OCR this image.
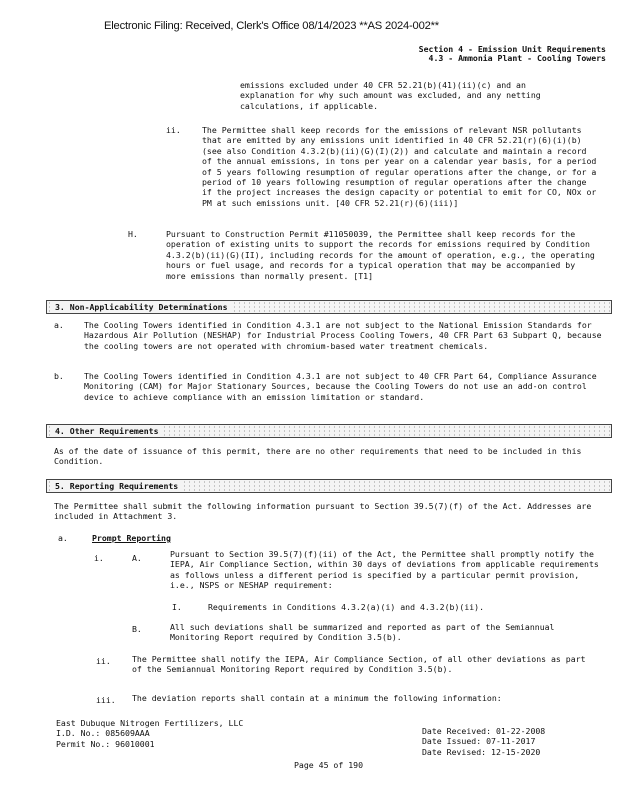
Electronic Filing: Received, Clerk's Office 08/14/2023 **AS 2024-002**
Section 4 - Emission Unit Requirements
4.3 - Ammonia Plant - Cooling Towers
emissions excluded under 40 CFR 52.21(b)(41)(ii)(c) and an explanation for why such amount was excluded, and any netting calculations, if applicable.
ii.	The Permittee shall keep records for the emissions of relevant NSR pollutants that are emitted by any emissions unit identified in 40 CFR 52.21(r)(6)(i)(b) (see also Condition 4.3.2(b)(ii)(G)(I)(2)) and calculate and maintain a record of the annual emissions, in tons per year on a calendar year basis, for a period of 5 years following resumption of regular operations after the change, or for a period of 10 years following resumption of regular operations after the change if the project increases the design capacity or potential to emit for CO, NOx or PM at such emissions unit. [40 CFR 52.21(r)(6)(iii)]
H.	Pursuant to Construction Permit #11050039, the Permittee shall keep records for the operation of existing units to support the records for emissions required by Condition 4.3.2(b)(ii)(G)(II), including records for the amount of operation, e.g., the operating hours or fuel usage, and records for a typical operation that may be accompanied by more emissions than normally present. [T1]
3. Non-Applicability Determinations
a. The Cooling Towers identified in Condition 4.3.1 are not subject to the National Emission Standards for Hazardous Air Pollution (NESHAP) for Industrial Process Cooling Towers, 40 CFR Part 63 Subpart Q, because the cooling towers are not operated with chromium-based water treatment chemicals.
b. The Cooling Towers identified in Condition 4.3.1 are not subject to 40 CFR Part 64, Compliance Assurance Monitoring (CAM) for Major Stationary Sources, because the Cooling Towers do not use an add-on control device to achieve compliance with an emission limitation or standard.
4. Other Requirements
As of the date of issuance of this permit, there are no other requirements that need to be included in this Condition.
5. Reporting Requirements
The Permittee shall submit the following information pursuant to Section 39.5(7)(f) of the Act. Addresses are included in Attachment 3.
a.	Prompt Reporting
i.	A.	Pursuant to Section 39.5(7)(f)(ii) of the Act, the Permittee shall promptly notify the IEPA, Air Compliance Section, within 30 days of deviations from applicable requirements as follows unless a different period is specified by a particular permit provision, i.e., NSPS or NESHAP requirement:
I.	Requirements in Conditions 4.3.2(a)(i) and 4.3.2(b)(ii).
B.	All such deviations shall be summarized and reported as part of the Semiannual Monitoring Report required by Condition 3.5(b).
ii.	The Permittee shall notify the IEPA, Air Compliance Section, of all other deviations as part of the Semiannual Monitoring Report required by Condition 3.5(b).
iii. The deviation reports shall contain at a minimum the following information:
East Dubuque Nitrogen Fertilizers, LLC
I.D. No.: 085609AAA
Permit No.: 96010001
Date Received: 01-22-2008
Date Issued: 07-11-2017
Date Revised: 12-15-2020
Page 45 of 190
